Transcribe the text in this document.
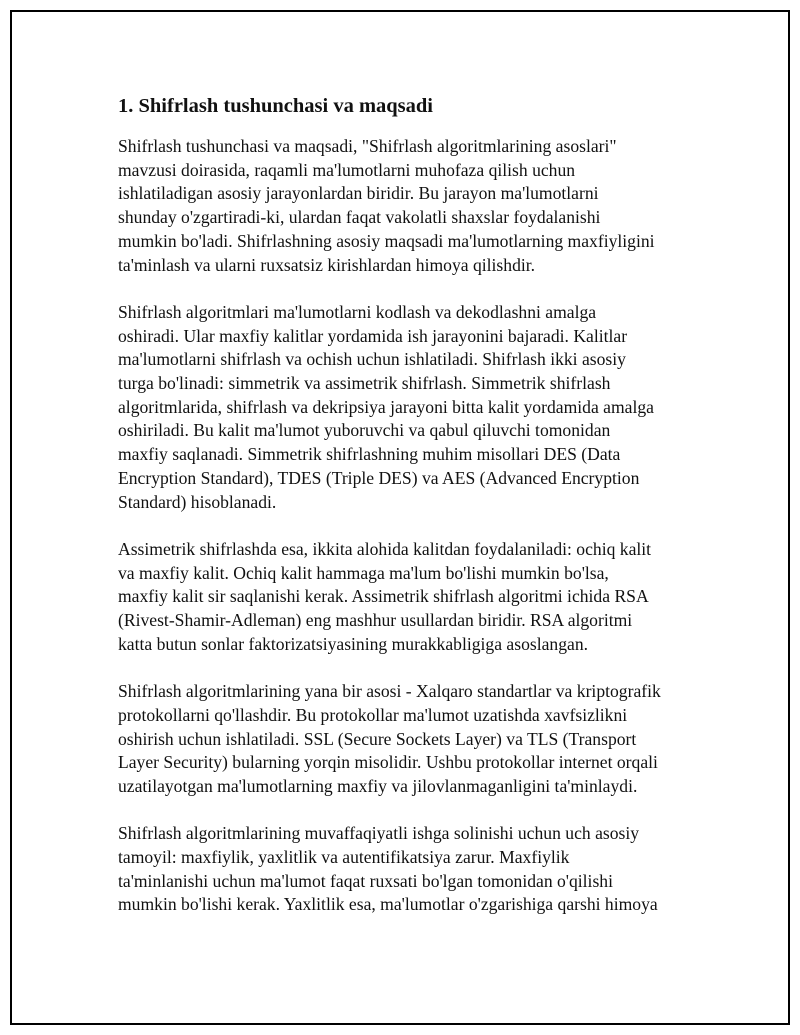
1. Shifrlash tushunchasi va maqsadi

Shifrlash tushunchasi va maqsadi, "Shifrlash algoritmlarining asoslari"
mavzusi doirasida, raqamli ma'lumotlarni muhofaza qilish uchun
ishlatiladigan asosiy jarayonlardan biridir. Bu jarayon ma'lumotlarni
shunday o'zgartiradi-ki, ulardan faqat vakolatli shaxslar foydalanishi
mumkin bo'ladi. Shifrlashning asosiy maqsadi ma'lumotlarning maxfiyligini
ta'minlash va ularni ruxsatsiz kirishlardan himoya qilishdir.

Shifrlash algoritmlari ma'lumotlarni kodlash va dekodlashni amalga
oshiradi. Ular maxfiy kalitlar yordamida ish jarayonini bajaradi. Kalitlar
ma'lumotlarni shifrlash va ochish uchun ishlatiladi. Shifrlash ikki asosiy
turga bo'linadi: simmetrik va assimetrik shifrlash. Simmetrik shifrlash
algoritmlarida, shifrlash va dekripsiya jarayoni bitta kalit yordamida amalga
oshiriladi. Bu kalit ma'lumot yuboruvchi va qabul qiluvchi tomonidan
maxfiy saqlanadi. Simmetrik shifrlashning muhim misollari DES (Data
Encryption Standard), TDES (Triple DES) va AES (Advanced Encryption
Standard) hisoblanadi.

Assimetrik shifrlashda esa, ikkita alohida kalitdan foydalaniladi: ochiq kalit
va maxfiy kalit. Ochiq kalit hammaga ma'lum bo'lishi mumkin bo'lsa,
maxfiy kalit sir saqlanishi kerak. Assimetrik shifrlash algoritmi ichida RSA
(Rivest-Shamir-Adleman) eng mashhur usullardan biridir. RSA algoritmi
katta butun sonlar faktorizatsiyasining murakkabligiga asoslangan.

Shifrlash algoritmlarining yana bir asosi - Xalqaro standartlar va kriptografik
protokollarni qo'llashdir. Bu protokollar ma'lumot uzatishda xavfsizlikni
oshirish uchun ishlatiladi. SSL (Secure Sockets Layer) va TLS (Transport
Layer Security) bularning yorqin misolidir. Ushbu protokollar internet orqali
uzatilayotgan ma'lumotlarning maxfiy va jilovlanmaganligini ta'minlaydi.

Shifrlash algoritmlarining muvaffaqiyatli ishga solinishi uchun uch asosiy
tamoyil: maxfiylik, yaxlitlik va autentifikatsiya zarur. Maxfiylik
ta'minlanishi uchun ma'lumot faqat ruxsati bo'lgan tomonidan o'qilishi
mumkin bo'lishi kerak. Yaxlitlik esa, ma'lumotlar o'zgarishiga qarshi himoya
